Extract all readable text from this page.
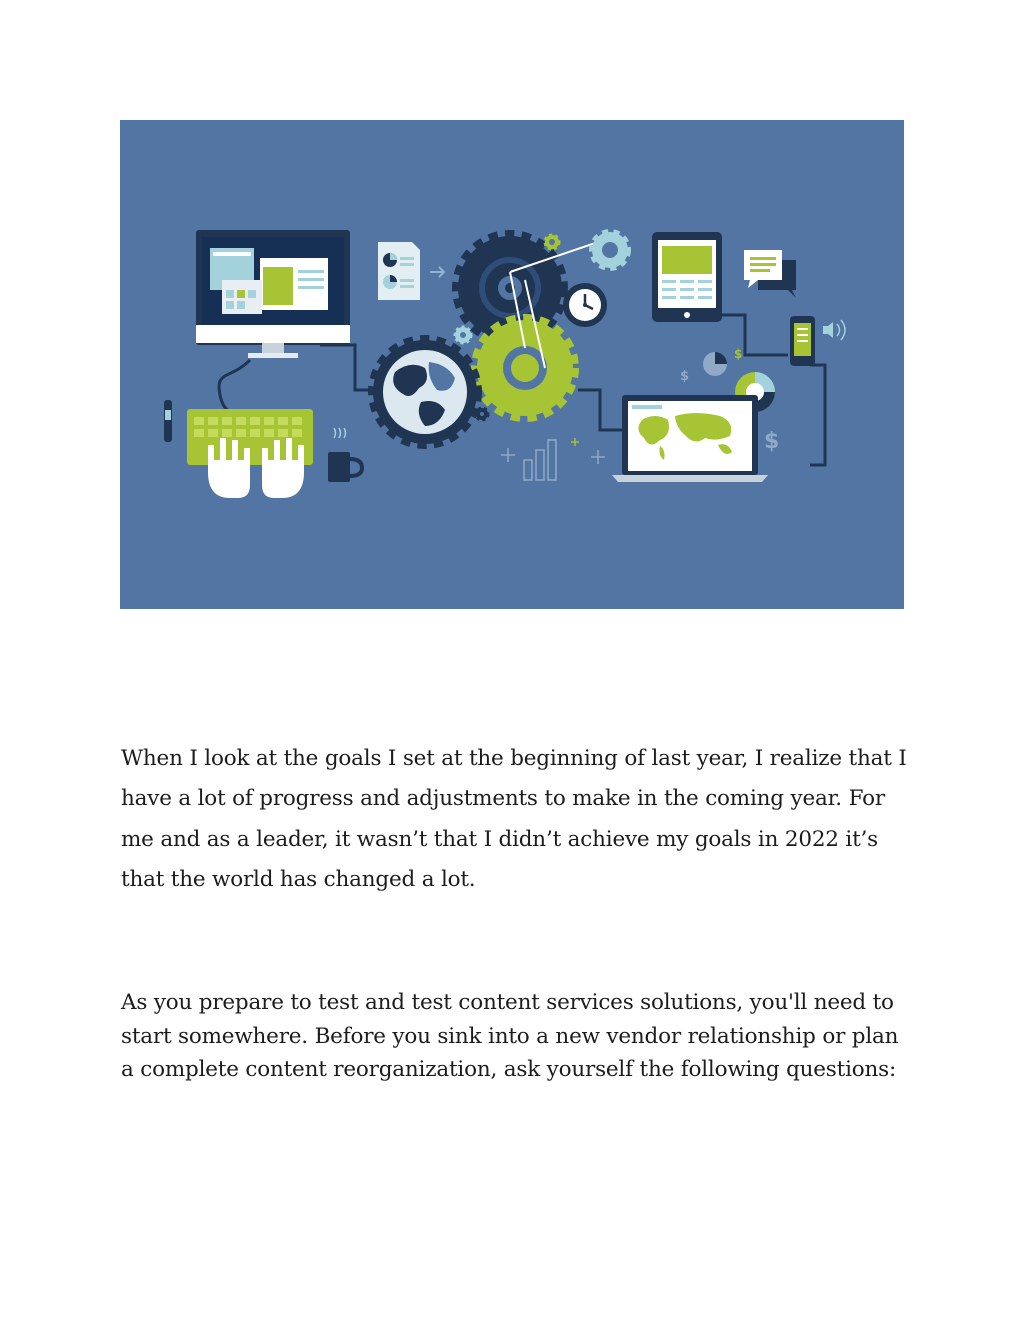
$
$
$

When I look at the goals I set at the beginning of last year, I realize that I have a lot of progress and adjustments to make in the coming year. For me and as a leader, it wasn’t that I didn’t achieve my goals in 2022 it’s that the world has changed a lot.

As you prepare to test and test content services solutions, you'll need to start somewhere. Before you sink into a new vendor relationship or plan a complete content reorganization, ask yourself the following questions:
